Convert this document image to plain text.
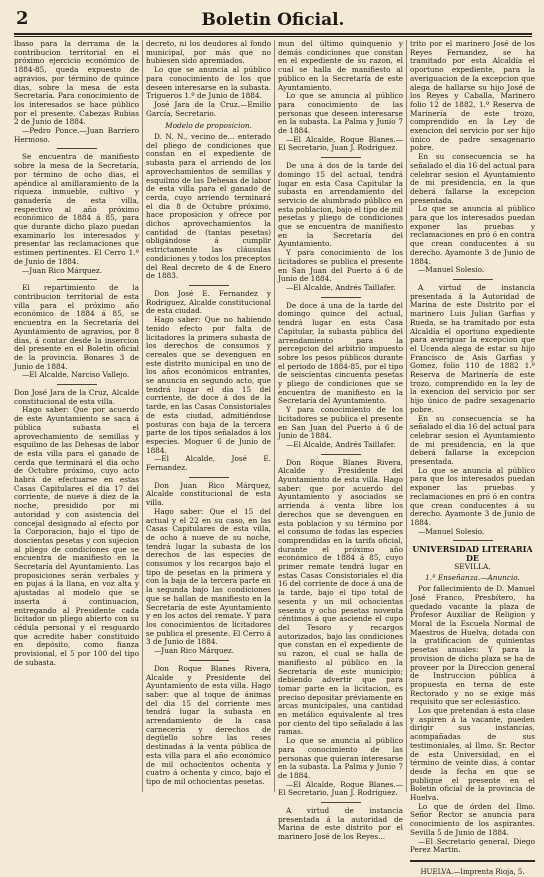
2	Boletin Oficial.

lbaso para la derrama de la contribucion territorial en el próximo ejercicio económico de 1884-85, queda expuesto de agravios, por término de quince dias, sobre la mesa de esta Secretaría. Para conocimiento de los interesados se hace público por el presente. Cabezas Rubias 2 de Junio de 1884.

—Pedro Ponce.—Juan Barriero Hermoso.

Se encuentra de manifiesto sobre la mesa de la Secretaría, por término de ocho dias, el apéndice al amillaramiento de la riqueza inmueble, cultivo y ganadería de esta villa, respectivo al año próximo económico de 1884 á 85, para que durante dicho plazo puedan examinarlo los interesados y presentar las reclamaciones que estimen pertinentes. El Cerro 1.º de Junio de 1884.

—Juan Rico Márquez.

El repartimiento de la contribucion territorial de esta villa para el próximo año económico de 1884 á 85, se encuentra en la Secretaría del Ayuntamiento de agravios, por 8 dias, á contar desde la insercion del presente en el Boletin oficial de la provincia. Bonares 3 de Junio de 1884.

—El Alcalde, Narciso Vallejo.

Don José Jara de la Cruz, Alcalde constitucional de esta villa.

Hago saber: Que por acuerdo de este Ayuntamiento se saca á pública subasta el aprovechamiento de semillas y esquilmo de las Dehesas de labor de esta villa para el ganado de cerda que terminará el dia ocho de Octubre próximo, cuyo acto habrá de efectuarse en estas Casas Capitulares el dia 17 del corriente, de nueve á diez de la noche, presidido por mi autoridad y con asistencia del concejal designado al efecto por la Corporacion, bajo el tipo de doscientas pesetas y con sujecion al pliego de condiciones que se encuentra de manifiesto en la Secretaría del Ayuntamiento. Las proposiciones serán verbales y en pujas á la llana, en voz alta y ajustadas al modelo que se inserta á continuacion, entregando al Presidente cada licitador un pliego abierto con su cédula personal y el resguardo que acredite haber constituido en depósito, como fianza provisional, el 5 por 100 del tipo de subasta.

decreto, ni los deudores al fondo municipal, por más que no hubiesen sido apremiados.

Lo que se anuncia al público para conocimiento de los que deseen interesarse en la subasta. Trigueros 1.º de Junio de 1884.

José Jara de la Cruz.—Emilio García, Secretario.

Modelo de proposicion.

D. N. N., vecino de... enterado del pliego de condiciones que constan en el expediente de subasta para el arriendo de los aprovechamientos de semillas y esquilmo de las Dehesas de labor de esta villa para el ganado de cerda, cuyo arriendo terminará el dia 8 de Octubre próximo, hace proposicion y ofrece por dichos aprovechamientos la cantidad de (tantas pesetas) obligándose á cumplir estrictamente las cláusulas condiciones y todos los preceptos del Real decreto de 4 de Enero de 1883.

Don José E. Fernandez y Rodriguez, Alcalde constitucional de esta ciudad.

Hago saber: Que no habiendo tenido efecto por falta de licitadores la primera subasta de los derechos de consumos y cereales que se devenguen en este distrito municipal en uno de los años económicos entrantes, se anuncia en segundo acto, que tendrá lugar el dia 15 del corriente, de doce á dos de la tarde, en las Casas Consistoriales de esta ciudad, admitiéndose posturas con baja de la tercera parte de los tipos señalados á los especies. Moguer 6 de Junio de 1884.

—El Alcalde, José E. Fernandez.

Don Juan Rico Márquez, Alcalde constitucional de esta villa.

Hago saber: Que el 15 del actual y el 22 en su caso, en las Casas Capitulares de esta villa, de ocho á nueve de su noche, tendrá lugar la subasta de los derechos de las especies de consumos y los recargos bajo el tipo de pesetas en la primera y con la baja de la tercera parte en la segunda bajo las condiciones que se hallan de manifiesto en la Secretaría de este Ayuntamiento y en los actos del remate. Y para los conocimientos de licitadores se publica el presente. El Cerro á 3 de Junio de 1884.

—Juan Rico Márquez.

Don Roque Blanes Rivera, Alcalde y Presidente del Ayuntamiento de esta villa. Hago saber: que al toque de ánimas del dia 15 del corriente mes tendrá lugar la subasta en arrendamiento de la casa carnecería y derechos de degüello sobre las reses destinadas á la venta pública de esta villa para el año económico de mil ochocientos ochenta y cuatro á ochenta y cinco, bajo el tipo de mil ochocientas pesetas.

mun del último quinquenio y demás condiciones que constan en el expediente de su razon, el cual se halla de manifiesto al público en la Secretaría de este Ayuntamiento.

Lo que se anuncia al público para conocimiento de las personas que deseen interesarse en la subasta. La Palma y Junio 7 de 1884.

—El Alcalde, Roque Blanes.—El Secretario, Juan J. Rodriguez.

De una á dos de la tarde del domingo 15 del actual, tendrá lugar en esta Casa Capitular la subasta en arrendamiento del servicio de alumbrado público en esta poblacion, bajo el tipo de mil pesetas y pliego de condiciones que se encuentra de manifiesto en la Secretaría del Ayuntamiento.

Y para conocimiento de los licitadores se publica el presente en San Juan del Puerto á 6 de Junio de 1884.

—El Alcalde, Andrés Taillafer.

De doce á una de la tarde del domingo quince del actual, tendrá lugar en esta Casa Capitular, la subasta pública del arrendamiento para la percepcion del arbitrio impuesto sobre los pesos públicos durante el periodo de 1884-85, por el tipo de seiscientas cincuenta pesetas y pliego de condiciones que se encuentra de manifiesto en la Secretaría del Ayuntamiento.

Y para conocimiento de los licitadores se publica el presente en San Juan del Puerto á 6 de Junio de 1884.

—El Alcalde, Andrés Taillafer.

Don Roque Blanes Rivera, Alcalde y Presidente del Ayuntamiento de esta villa. Hago saber: que por acuerdo del Ayuntamiento y asociados se arrienda á venta libre los derechos que se devenguen en esta poblacion y su término por el consumo de todas las especies comprendidas en la tarifa oficial, durante el próximo año económico de 1884 á 85, cuyo primer remate tendrá lugar en estas Casas Consistoriales el dia 16 del corriente de doce á una de la tarde, bajo el tipo total de sesenta y un mil ochocientas sesenta y ocho pesetas noventa céntimos á que asciende el cupo del Tesoro y recargos autorizados, bajo las condiciones que constan en el expediente de su razon, el cual se halla de manifiesto al público en la Secretaría de este municipio; debiendo advertir que para tomar parte en la licitacion, es preciso depositar préviamente en arcas municipales, una cantidad en metálico equivalente al tres por ciento del tipo señalado á las ramas.

Lo que se anuncia al público para conocimiento de las personas que quieran interesarse en la subasta. La Palma y Junio 7 de 1884.

—El Alcalde, Roque Blanes.—El Secretario, Juan J. Rodriguez.

A virtud de instancia presentada á la autoridad de Marina de este distrito por el marinero José de los Reyes...

trito por el marinero José de los Reyes Fernandez, se ha tramitado por esta Alcaldía el oportuno expediente, para la averiguacion de la excepcion que alega de hallarse su hijo José de los Reyes y Caballa, Marinero folio 12 de 1882, 1.º Reserva de Marinería de este trozo, comprendido en la Ley de exencion del servicio por ser hijo único de padre sexagenario pobre.

En su consecuencia se ha señalado el dia 16 del actual para celebrar sesion el Ayuntamiento de mi presidencia, en la que deberá fallarse la excepcion presentada.

Lo que se anuncia al público para que los interesados puedan exponer las pruebas y reclamaciones en pró ó en contra que crean conducentes á su derecho. Ayamonte 3 de Junio de 1884.

—Manuel Solesio.

A virtud de instancia presentada á la Autoridad de Marina de este Distrito por el marinero Luis Julian Garfias y Rueda, se ha tramitado por esta Alcaldía el oportuno expediente para averiguar la excepcion que el Ucenda alega de estar su hijo Francisco de Asis Garfias y Gomez, folio 110 de 1882 1.º Reserva de Marinería de este trozo, comprendido en la ley de la exencion del servicio por ser hijo único de padre sexagenario pobre.

En su consecuencia se ha señalado el dia 16 del actual para celebrar sesion el Ayuntamiento de mi presidencia, en la que deberá fallarse la excepcion presentada.

Lo que se anuncia al público para que los interesados puedan exponer las pruebas y reclamaciones en pró ó en contra que crean conducentes á su derecho. Ayamonte 3 de Junio de 1884.

—Manuel Solesio.

UNIVERSIDAD LITERARIA DE
SEVILLA.
1.ª Enseñanza.—Anuncio.

Por fallecimiento de D. Manuel José Franco, Presbítero, ha quedado vacante la plaza de Profesor Auxiliar de Religion y Moral de la Escuela Normal de Maestros de Huelva, dotada con la gratificacion de quinientas pesetas anuales: Y para la provision de dicha plaza se ha de proveer por la Direccion general de Instruccion pública á propuesta en terna de este Rectorado y no se exige más requisito que ser eclesiástico.

Los que pretendan á esta clase y aspiren á la vacante, pueden dirigir sus instancias, acompañadas de sus testimoniales, al Ilmo. Sr. Rector de esta Universidad, en el término de veinte dias, á contar desde la fecha en que se publique el presente en el Boletin oficial de la provincia de Huelva.

Lo que de órden del Ilmo. Señor Rector se anuncia para conocimiento de los aspirantes. Sevilla 5 de Junio de 1884.

—El Secretario general, Diego Perez Martin.

HUELVA.—Imprenta Rioja, 5.
